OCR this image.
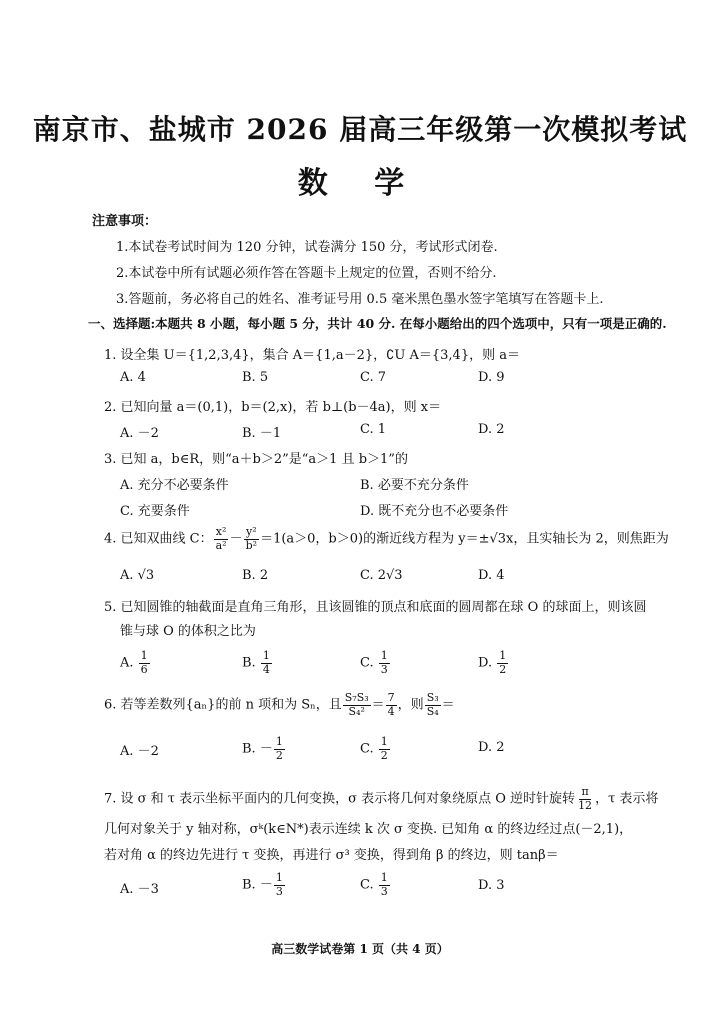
南京市、盐城市 2026 届高三年级第一次模拟考试
数 学
注意事项：
1.本试卷考试时间为 120 分钟，试卷满分 150 分，考试形式闭卷.
2.本试卷中所有试题必须作答在答题卡上规定的位置，否则不给分.
3.答题前，务必将自己的姓名、准考证号用 0.5 毫米黑色墨水签字笔填写在答题卡上.
一、选择题:本题共 8 小题，每小题 5 分，共计 40 分. 在每小题给出的四个选项中，只有一项是正确的.
1. 设全集 U＝{1,2,3,4}，集合 A＝{1,a－2}，∁U A＝{3,4}，则 a＝
A. 4	B. 5	C. 7	D. 9
2. 已知向量 a＝(0,1)，b＝(2,x)，若 b⊥(b－4a)，则 x＝
A. －2	B. －1	C. 1	D. 2
3. 已知 a，b∈R，则“a＋b＞2”是“a＞1 且 b＞1”的
A. 充分不必要条件	B. 必要不充分条件
C. 充要条件	D. 既不充分也不必要条件
4. 已知双曲线 C： $\frac{\text{x²}}{\text{a²}} - \frac{\text{y²}}{\text{b²}} =1(a>0$，b＞0)的渐近线方程为 y＝±√3x，且实轴长为 2，则焦距为
A. √3	B. 2	C. 2√3	D. 4
5. 已知圆锥的轴截面是直角三角形，且该圆锥的顶点和底面的圆周都在球 O 的球面上，则该圆
锥与球 O 的体积之比为
A. $\frac{1}{6}$	B. $\frac{1}{4}$	C. $\frac{1}{3}$	D. $\frac{1}{2}$
6. 若等差数列{aₙ}的前 n 项和为 Sₙ，且 $\frac{\text{S₇S₃}}{\text{S₄²}} = \frac{7}{4}$ ，则 $\frac{\text{S₃}}{\text{S₄}}$ ＝
A. －2	B. － $\frac{1}{2}$	C. $\frac{1}{2}$	D. 2
7. 设 σ 和 τ 表示坐标平面内的几何变换，σ 表示将几何对象绕原点 O 逆时针旋转 $\frac{\pi}{12}$ ，τ 表示将
几何对象关于 y 轴对称，σᵏ(k∈N*)表示连续 k 次 σ 变换. 已知角 α 的终边经过点(－2,1)，
若对角 α 的终边先进行 τ 变换，再进行 σ³ 变换，得到角 β 的终边，则 tanβ＝
A. －3	B. － $\frac{1}{3}$	C. $\frac{1}{3}$	D. 3
高三数学试卷第 1 页（共 4 页）
